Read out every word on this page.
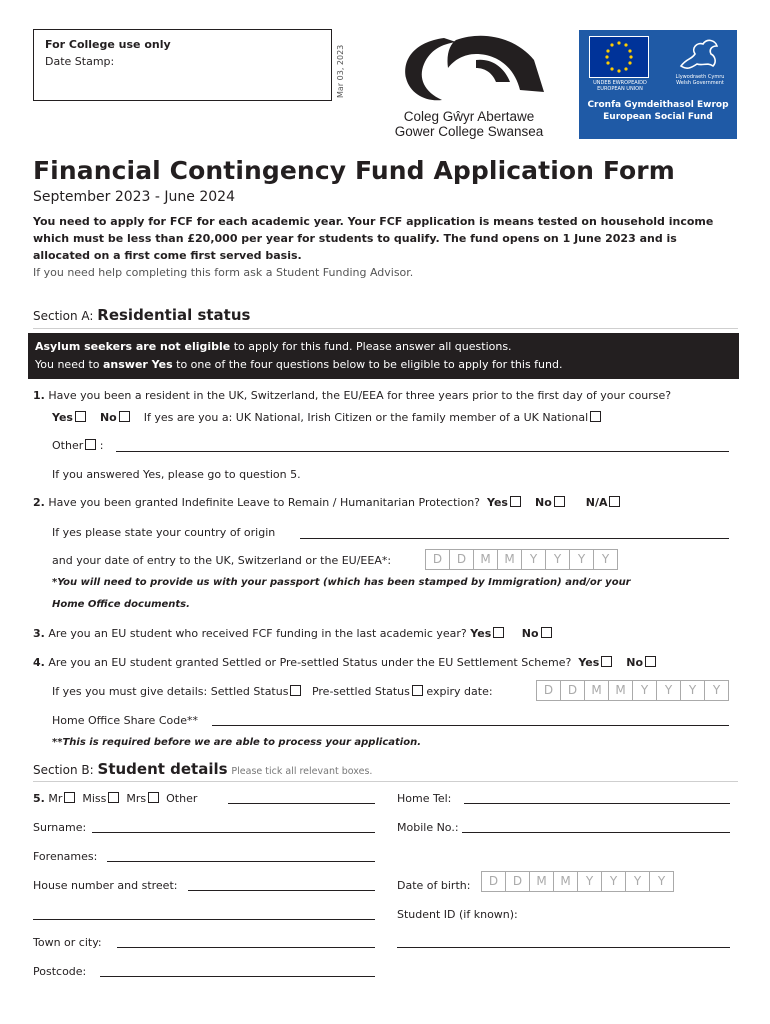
For College use only
Date Stamp:	Mar 03, 2023
Coleg Gŵyr Abertawe
Gower College Swansea
UNDEB EWROPEAIDD
EUROPEAN UNION
Llywodraeth Cymru
Welsh Government
Cronfa Gymdeithasol Ewrop
European Social Fund
Financial Contingency Fund Application Form
September 2023 - June 2024
You need to apply for FCF for each academic year. Your FCF application is means tested on household income which must be less than £20,000 per year for students to qualify. The fund opens on 1 June 2023 and is allocated on a first come first served basis.
If you need help completing this form ask a Student Funding Advisor.
Section A: Residential status
Asylum seekers are not eligible to apply for this fund. Please answer all questions.
You need to answer Yes to one of the four questions below to be eligible to apply for this fund.
1. Have you been a resident in the UK, Switzerland, the EU/EEA for three years prior to the first day of your course?
Yes No If yes are you a: UK National, Irish Citizen or the family member of a UK National
Other :
If you answered Yes, please go to question 5.
2. Have you been granted Indefinite Leave to Remain / Humanitarian Protection? Yes No	N/A
If yes please state your country of origin
and your date of entry to the UK, Switzerland or the EU/EEA*:	D	D	M	M	Y	Y	Y	Y
*You will need to provide us with your passport (which has been stamped by Immigration) and/or your
Home Office documents.
3. Are you an EU student who received FCF funding in the last academic year? Yes	No
4. Are you an EU student granted Settled or Pre-settled Status under the EU Settlement Scheme? Yes No
If yes you must give details: Settled Status Pre-settled Status expiry date:	D	D	M	M	Y	Y	Y	Y
Home Office Share Code**
**This is required before we are able to process your application.
Section B: Student details Please tick all relevant boxes.
5. Mr Miss Mrs Other	Home Tel:
Surname:	Mobile No.:
Forenames:
House number and street:	Date of birth:	D	D	M	M	Y	Y	Y	Y
Student ID (if known):
Town or city:
Postcode:
